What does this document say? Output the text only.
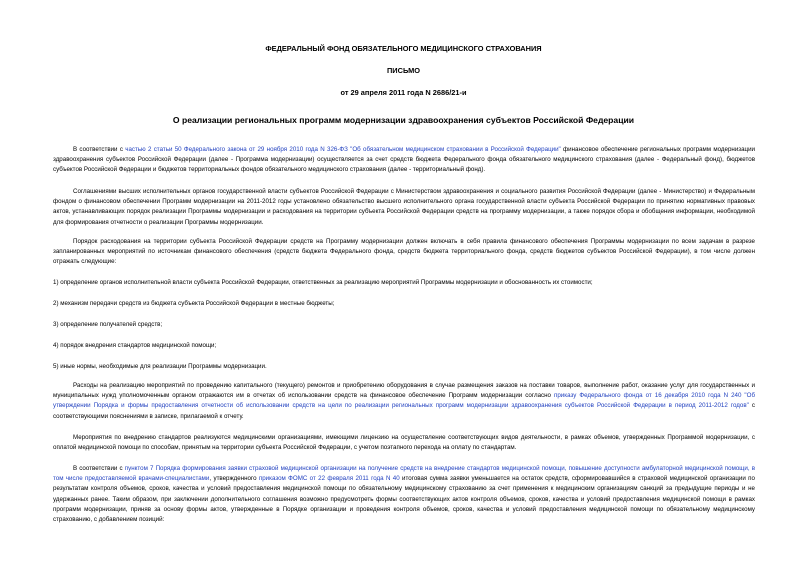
ФЕДЕРАЛЬНЫЙ ФОНД ОБЯЗАТЕЛЬНОГО МЕДИЦИНСКОГО СТРАХОВАНИЯ
ПИСЬМО
от 29 апреля 2011 года N 2686/21-и
О реализации региональных программ модернизации здравоохранения субъектов Российской Федерации

В соответствии с частью 2 статьи 50 Федерального закона от 29 ноября 2010 года N 326-ФЗ "Об обязательном медицинском страховании в Российской Федерации" финансовое обеспечение региональных программ модернизации здравоохранения субъектов Российской Федерации (далее - Программа модернизации) осуществляется за счет средств бюджета Федерального фонда обязательного медицинского страхования (далее - Федеральный фонд), бюджетов субъектов Российской Федерации и бюджетов территориальных фондов обязательного медицинского страхования (далее - территориальный фонд).

Соглашениями высших исполнительных органов государственной власти субъектов Российской Федерации с Министерством здравоохранения и социального развития Российской Федерации (далее - Министерство) и Федеральным фондом о финансовом обеспечении Программ модернизации на 2011-2012 годы установлено обязательство высшего исполнительного органа государственной власти субъекта Российской Федерации по принятию нормативных правовых актов, устанавливающих порядок реализации Программы модернизации и расходования на территории субъекта Российской Федерации средств на программу модернизации, а также порядок сбора и обобщения информации, необходимой для формирования отчетности о реализации Программы модернизации.

Порядок расходования на территории субъекта Российской Федерации средств на Программу модернизации должен включать в себя правила финансового обеспечения Программы модернизации по всем задачам в разрезе запланированных мероприятий по источникам финансового обеспечения (средств бюджета Федерального фонда, средств бюджета территориального фонда, средств бюджетов субъектов Российской Федерации), в том числе должен отражать следующие:

1) определение органов исполнительной власти субъекта Российской Федерации, ответственных за реализацию мероприятий Программы модернизации и обоснованность их стоимости;

2) механизм передачи средств из бюджета субъекта Российской Федерации в местные бюджеты;

3) определение получателей средств;

4) порядок внедрения стандартов медицинской помощи;

5) иные нормы, необходимые для реализации Программы модернизации.

Расходы на реализацию мероприятий по проведению капитального (текущего) ремонтов и приобретению оборудования в случае размещения заказов на поставки товаров, выполнение работ, оказание услуг для государственных и муниципальных нужд уполномоченным органом отражаются им в отчетах об использовании средств на финансовое обеспечение Программ модернизации согласно приказу Федерального фонда от 16 декабря 2010 года N 240 "Об утверждении Порядка и формы предоставления отчетности об использовании средств на цели по реализации региональных программ модернизации здравоохранения субъектов Российской Федерации в период 2011-2012 годов" с соответствующими пояснениями в записке, прилагаемой к отчету.

Мероприятия по внедрению стандартов реализуются медицинскими организациями, имеющими лицензию на осуществление соответствующих видов деятельности, в рамках объемов, утвержденных Программой модернизации, с оплатой медицинской помощи по способам, принятым на территории субъекта Российской Федерации, с учетом поэтапного перехода на оплату по стандартам.

В соответствии с пунктом 7 Порядка формирования заявки страховой медицинской организации на получение средств на внедрение стандартов медицинской помощи, повышение доступности амбулаторной медицинской помощи, в том числе предоставляемой врачами-специалистами, утвержденного приказом ФОМС от 22 февраля 2011 года N 40 итоговая сумма заявки уменьшается на остаток средств, сформировавшийся в страховой медицинской организации по результатам контроля объемов, сроков, качества и условий предоставления медицинской помощи по обязательному медицинскому страхованию за счет применения к медицинским организациям санкций за предыдущие периоды и не удержанных ранее. Таким образом, при заключении дополнительного соглашения возможно предусмотреть формы соответствующих актов контроля объемов, сроков, качества и условий предоставления медицинской помощи в рамках программ модернизации, приняв за основу формы актов, утвержденные в Порядке организации и проведения контроля объемов, сроков, качества и условий предоставления медицинской помощи по обязательному медицинскому страхованию, с добавлением позиций:
